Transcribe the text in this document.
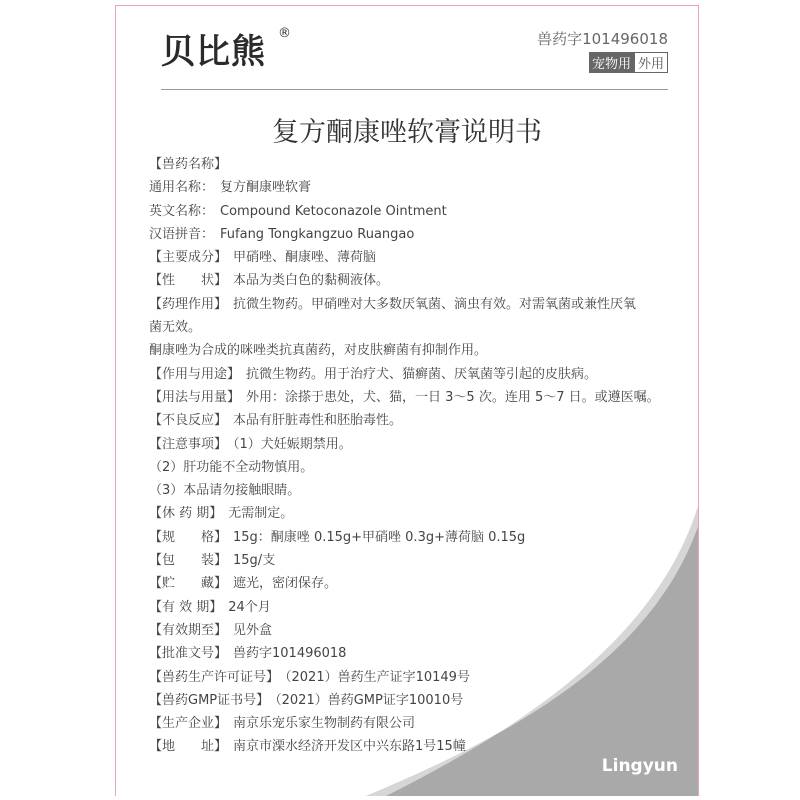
贝比熊 ®	兽药字101496018
宠物用 外用
复方酮康唑软膏说明书
【兽药名称】
通用名称： 复方酮康唑软膏
英文名称： Compound Ketoconazole Ointment
汉语拼音： Fufang Tongkangzuo Ruangao
【主要成分】 甲硝唑、酮康唑、薄荷脑
【性　　状】 本品为类白色的黏稠液体。
【药理作用】 抗微生物药。甲硝唑对大多数厌氧菌、滴虫有效。对需氧菌或兼性厌氧
菌无效。
酮康唑为合成的咪唑类抗真菌药，对皮肤癣菌有抑制作用。
【作用与用途】 抗微生物药。用于治疗犬、猫癣菌、厌氧菌等引起的皮肤病。
【用法与用量】 外用：涂搽于患处，犬、猫，一日 3～5 次。连用 5～7 日。或遵医嘱。
【不良反应】 本品有肝脏毒性和胚胎毒性。
【注意事项】 （1）犬妊娠期禁用。
（2）肝功能不全动物慎用。
（3）本品请勿接触眼睛。
【休 药 期】 无需制定。
【规　　格】 15g：酮康唑 0.15g+甲硝唑 0.3g+薄荷脑 0.15g
【包　　装】 15g/支
【贮　　藏】 遮光，密闭保存。
【有 效 期】 24个月
【有效期至】 见外盒
【批准文号】 兽药字101496018
【兽药生产许可证号】 （2021）兽药生产证字10149号
【兽药GMP证书号】 （2021）兽药GMP证字10010号
【生产企业】 南京乐宠乐家生物制药有限公司
【地　　址】 南京市溧水经济开发区中兴东路1号15幢
Lingyun
